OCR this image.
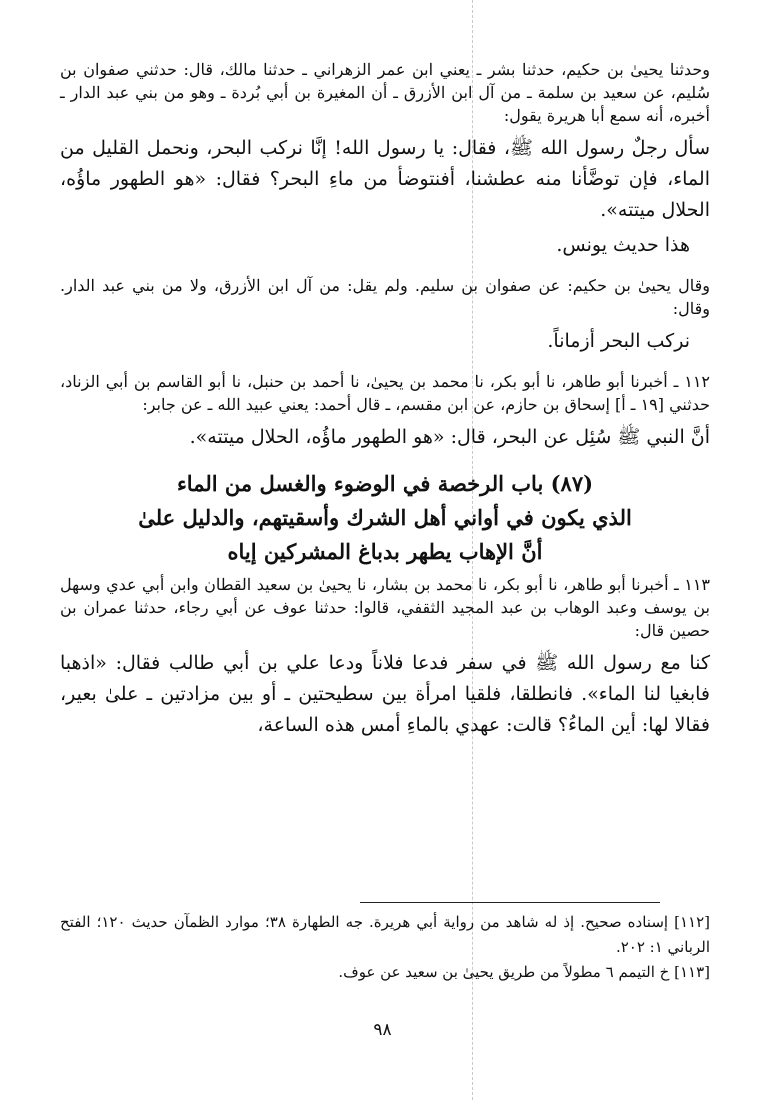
وحدثنا يحيىٰ بن حكيم، حدثنا بشر ـ يعني ابن عمر الزهراني ـ حدثنا مالك، قال: حدثني صفوان بن سُليم، عن سعيد بن سلمة ـ من آل ابن الأزرق ـ أن المغيرة بن أبي بُردة ـ وهو من بني عبد الدار ـ أخبره، أنه سمع أبا هريرة يقول:

سأل رجلٌ رسول الله ﷺ، فقال: يا رسول الله! إنَّا نركب البحر، ونحمل القليل من الماء، فإن توضَّأنا منه عطشنا، أفنتوضأ من ماءِ البحر؟ فقال: «هو الطهور ماؤُه، الحلال ميتته».

هذا حديث يونس.

وقال يحيىٰ بن حكيم: عن صفوان بن سليم. ولم يقل: من آل ابن الأزرق، ولا من بني عبد الدار. وقال:

نركب البحر أزماناً.

١١٢ ـ أخبرنا أبو طاهر، نا أبو بكر، نا محمد بن يحيىٰ، نا أحمد بن حنبل، نا أبو القاسم بن أبي الزناد، حدثني [١٩ ـ أ] إسحاق بن حازم، عن ابن مقسم، ـ قال أحمد: يعني عبيد الله ـ عن جابر:

أنَّ النبي ﷺ سُئِل عن البحر، قال: «هو الطهور ماؤُه، الحلال ميتته».

(٨٧) باب الرخصة في الوضوء والغسل من الماء
الذي يكون في أواني أهل الشرك وأسقيتهم، والدليل علىٰ
أنَّ الإهاب يطهر بدباغ المشركين إياه

١١٣ ـ أخبرنا أبو طاهر، نا أبو بكر، نا محمد بن بشار، نا يحيىٰ بن سعيد القطان وابن أبي عدي وسهل بن يوسف وعبد الوهاب بن عبد المجيد الثقفي، قالوا: حدثنا عوف عن أبي رجاء، حدثنا عمران بن حصين قال:

كنا مع رسول الله ﷺ في سفر فدعا فلاناً ودعا علي بن أبي طالب فقال: «اذهبا فابغيا لنا الماء». فانطلقا، فلقيا امرأة بين سطيحتين ـ أو بين مزادتين ـ علىٰ بعير، فقالا لها: أين الماءُ؟ قالت: عهدي بالماءِ أمس هذه الساعة،

[١١٢] إسناده صحيح. إذ له شاهد من رواية أبي هريرة. جه الطهارة ٣٨؛ موارد الظمآن حديث ١٢٠؛ الفتح الرباني ١: ٢٠٢.

[١١٣] خ التيمم ٦ مطولاً من طريق يحيىٰ بن سعيد عن عوف.

٩٨
